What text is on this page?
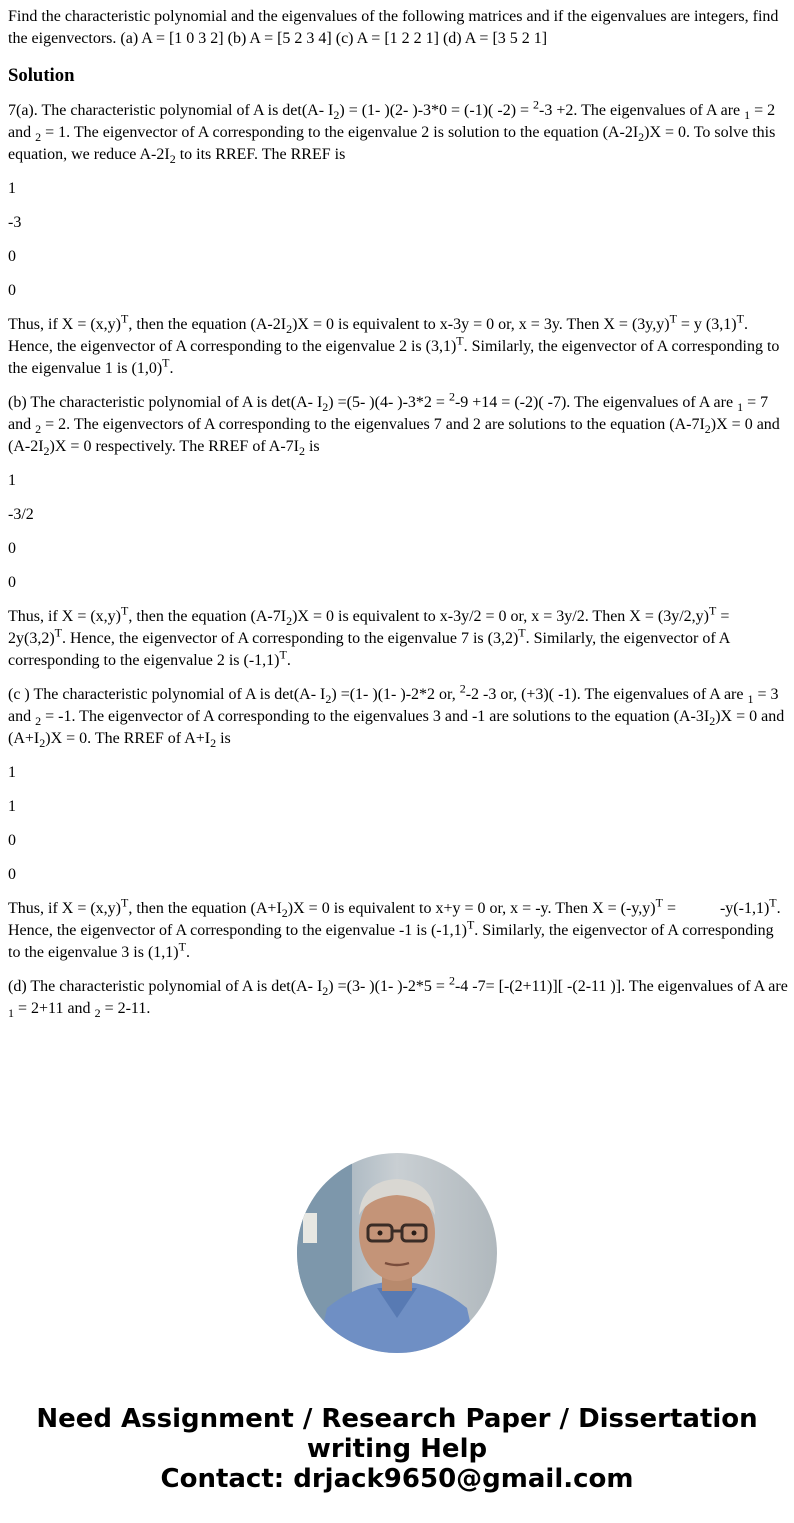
Find the characteristic polynomial and the eigenvalues of the following matrices and if the eigenvalues are integers, find the eigenvectors. (a) A = [1 0 3 2] (b) A = [5 2 3 4] (c) A = [1 2 2 1] (d) A = [3 5 2 1]

Solution

7(a). The characteristic polynomial of A is det(A- $I_2) = (1-$ )(2- )-3*0 = (-1)( -2) = $^2$-3 +2. The eigenvalues of A are $_1$ = 2 and $_2$ = 1. The eigenvector of A corresponding to the eigenvalue 2 is solution to the equation $(A-2I_2)X = 0$. To solve this equation, we reduce $A-2I_2$ to its RREF. The RREF is

1

-3

0

0

Thus, if $X = (x,y)^T$, then the equation $(A-2I_2)X = 0$ is equivalent to x-3y = 0 or, x = 3y. Then $X = (3y,y)^T = y$ $(3,1)^T$. Hence, the eigenvector of A corresponding to the eigenvalue 2 is $(3,1)^T$. Similarly, the eigenvector of A corresponding to the eigenvalue 1 is $(1,0)^T$.

(b) The characteristic polynomial of A is det(A- $I_2) =(5-$ )(4- )-3*2 = $^2$-9 +14 = (-2)( -7). The eigenvalues of A are $_1$ = 7 and $_2$ = 2. The eigenvectors of A corresponding to the eigenvalues 7 and 2 are solutions to the equation $(A-7I_2)X = 0$ and $(A-2I_2)X = 0$ respectively. The RREF of $A-7I_2$ is

1

-3/2

0

0

Thus, if $X = (x,y)^T$, then the equation $(A-7I_2)X = 0$ is equivalent to x-3y/2 = 0 or, x = 3y/2. Then $X = (3y/2,y)^T = 2y(3,2)^T$. Hence, the eigenvector of A corresponding to the eigenvalue 7 is $(3,2)^T$. Similarly, the eigenvector of A corresponding to the eigenvalue 2 is $(-1,1)^T$.

(c ) The characteristic polynomial of A is det(A- $I_2) =(1-$ )(1- )-2*2 or, $^2$-2 -3 or, (+3)( -1). The eigenvalues of A are $_1$ = 3 and $_2$ = -1. The eigenvector of A corresponding to the eigenvalues 3 and -1 are solutions to the equation $(A-3I_2)X = 0$ and $(A+I_2)X = 0$. The RREF of $A+I_2$ is

1

1

0

0

Thus, if $X = (x,y)^T$, then the equation $(A+I_2)X = 0$ is equivalent to x+y = 0 or, x = -y. Then $X = (-y,y)^T$ =           $-y(-1,1)^T$. Hence, the eigenvector of A corresponding to the eigenvalue -1 is $(-1,1)^T$. Similarly, the eigenvector of A corresponding to the eigenvalue 3 is $(1,1)^T$.

(d) The characteristic polynomial of A is det(A- $I_2) =(3-$ )(1- )-2*5 = $^2$-4 -7= [-(2+11)][ -(2-11 )]. The eigenvalues of A are $_1$ = 2+11 and $_2$ = 2-11.

Need Assignment / Research Paper / Dissertation
writing Help
Contact: drjack9650@gmail.com
